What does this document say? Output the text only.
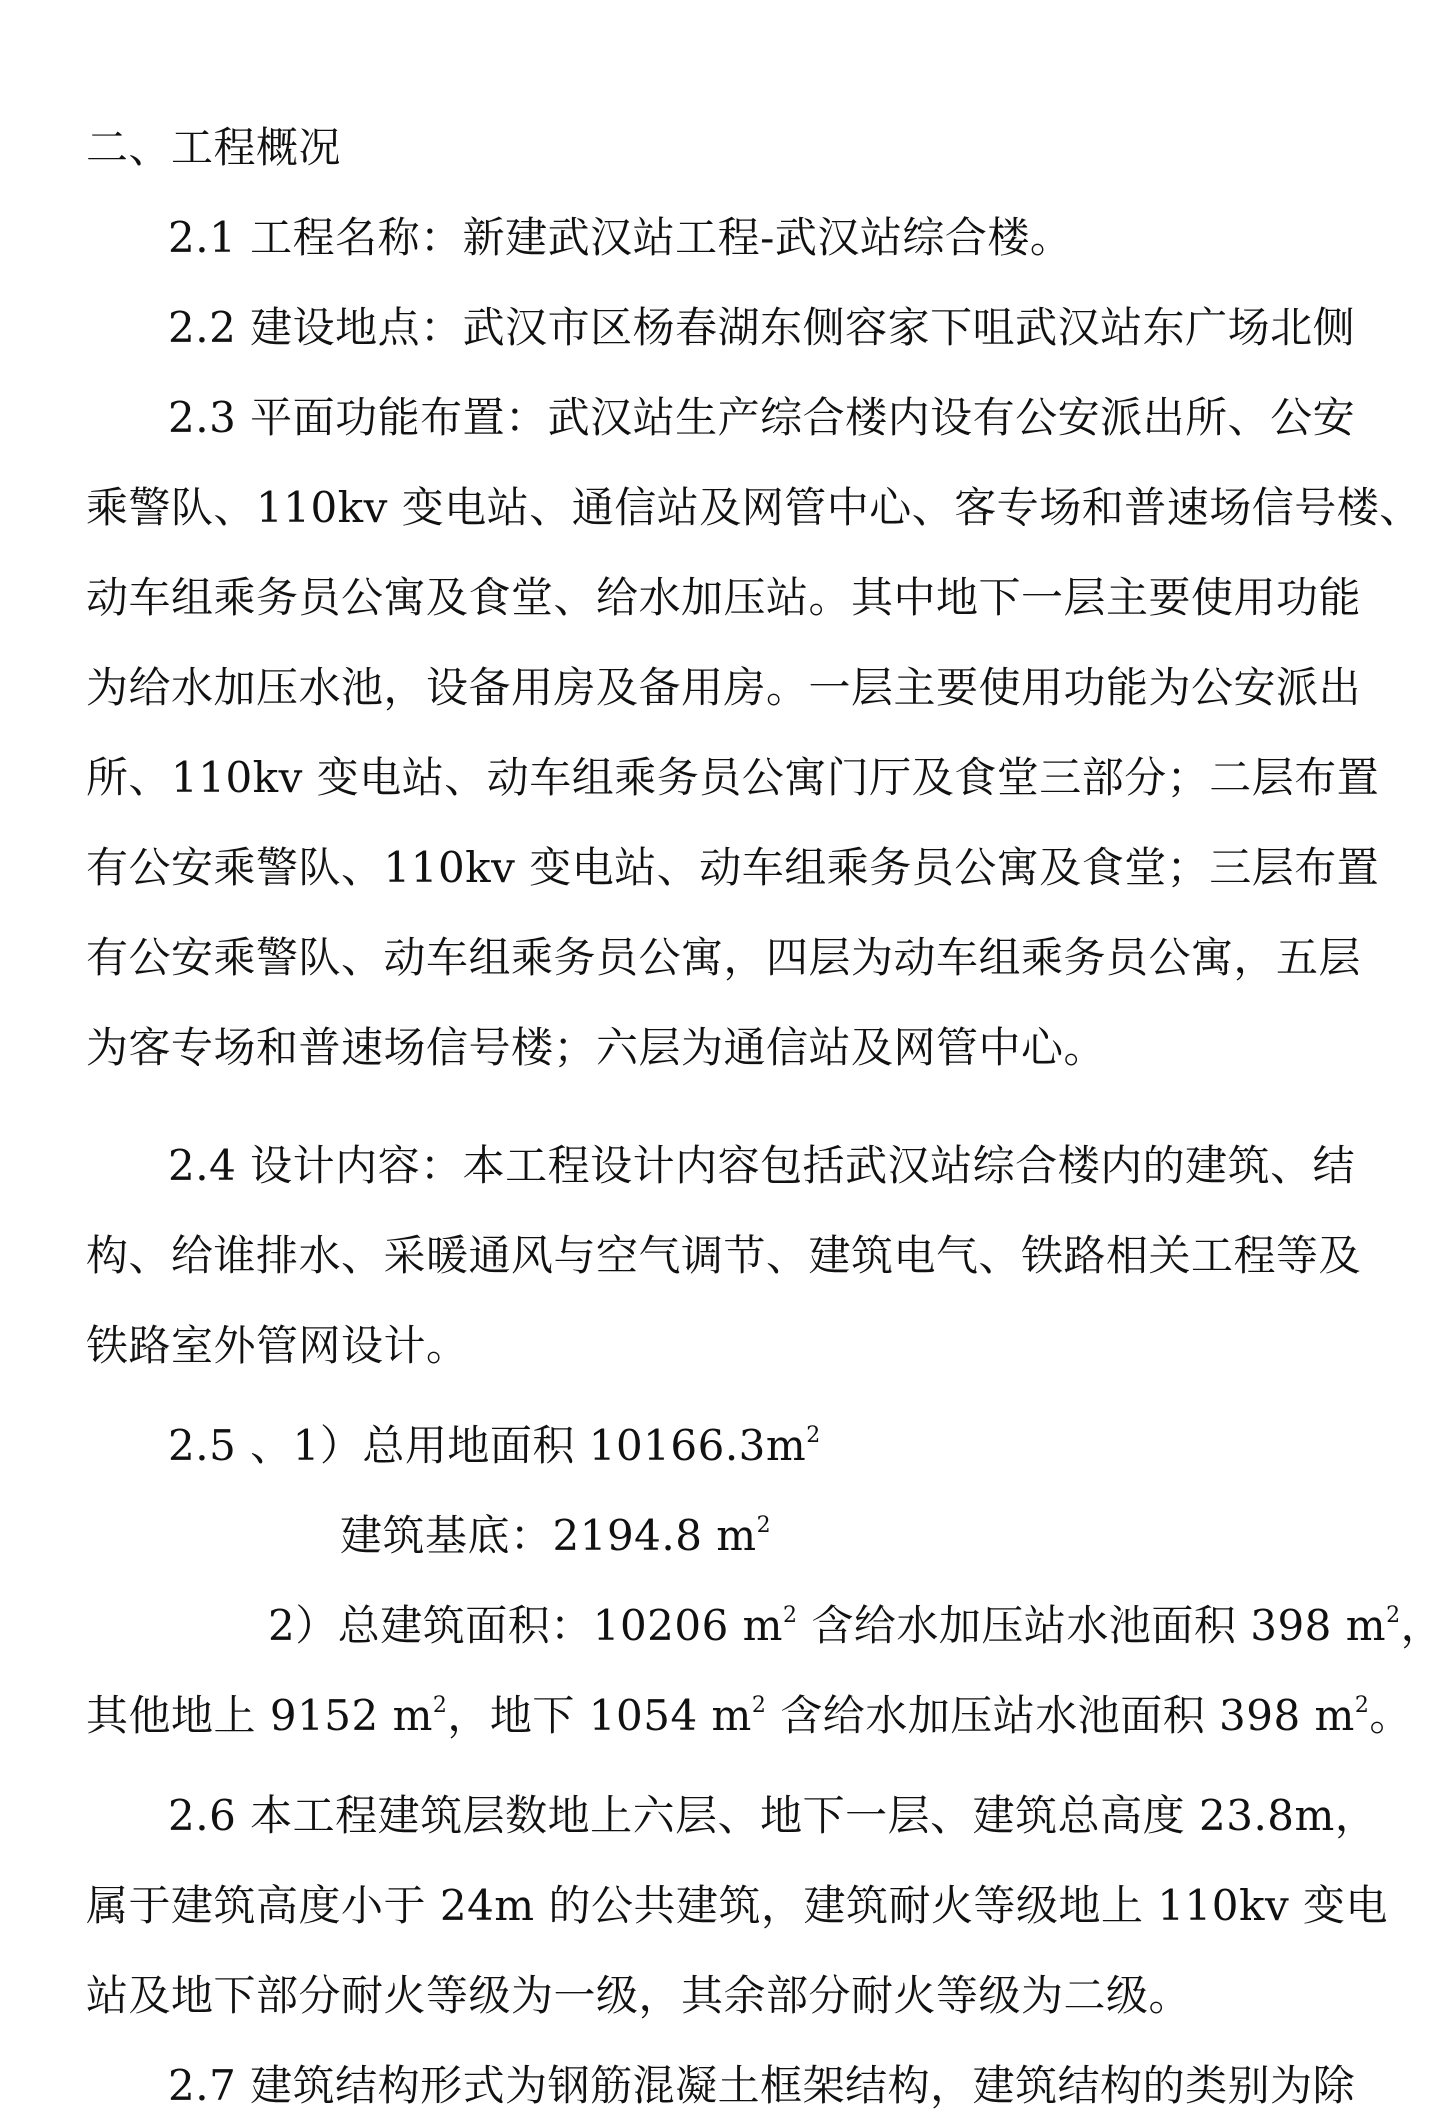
二、工程概况
2.1 工程名称：新建武汉站工程-武汉站综合楼。
2.2 建设地点：武汉市区杨春湖东侧容家下咀武汉站东广场北侧
2.3 平面功能布置：武汉站生产综合楼内设有公安派出所、公安
乘警队、110kv 变电站、通信站及网管中心、客专场和普速场信号楼、
动车组乘务员公寓及食堂、给水加压站。其中地下一层主要使用功能
为给水加压水池，设备用房及备用房。一层主要使用功能为公安派出
所、110kv 变电站、动车组乘务员公寓门厅及食堂三部分；二层布置
有公安乘警队、110kv 变电站、动车组乘务员公寓及食堂；三层布置
有公安乘警队、动车组乘务员公寓，四层为动车组乘务员公寓，五层
为客专场和普速场信号楼；六层为通信站及网管中心。
2.4 设计内容：本工程设计内容包括武汉站综合楼内的建筑、结
构、给谁排水、采暖通风与空气调节、建筑电气、铁路相关工程等及
铁路室外管网设计。
2.5 、1）总用地面积 $10166.3m^2$
建筑基底：2194.8 $m^2$
2）总建筑面积：10206 $m^2$ 含给水加压站水池面积 398 $m^2$，
其他地上 9152 $m^2$，地下 1054 $m^2$ 含给水加压站水池面积 398 $m^2$。
2.6 本工程建筑层数地上六层、地下一层、建筑总高度 23.8m，
属于建筑高度小于 24m 的公共建筑，建筑耐火等级地上 110kv 变电
站及地下部分耐火等级为一级，其余部分耐火等级为二级。
2.7 建筑结构形式为钢筋混凝土框架结构，建筑结构的类别为除
